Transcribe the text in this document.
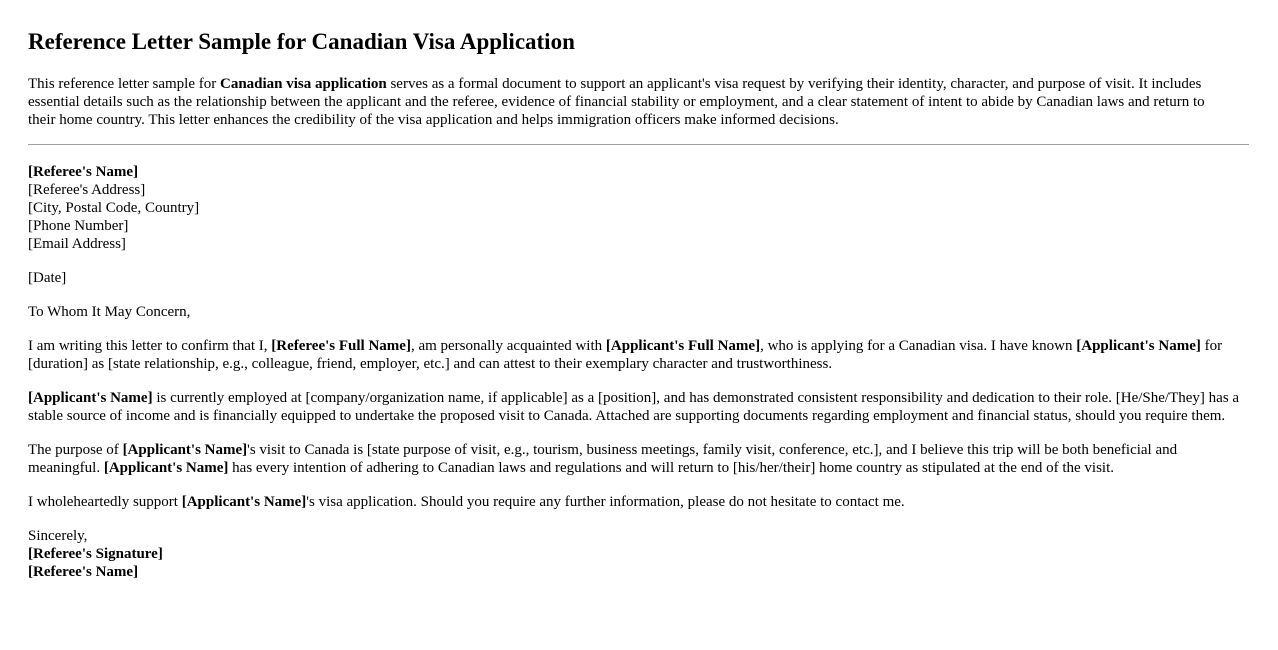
Reference Letter Sample for Canadian Visa Application

This reference letter sample for Canadian visa application serves as a formal document to support an applicant's visa request by verifying their identity, character, and purpose of visit. It includes essential details such as the relationship between the applicant and the referee, evidence of financial stability or employment, and a clear statement of intent to abide by Canadian laws and return to their home country. This letter enhances the credibility of the visa application and helps immigration officers make informed decisions.

[Referee's Name]
[Referee's Address]
[City, Postal Code, Country]
[Phone Number]
[Email Address]

[Date]

To Whom It May Concern,

I am writing this letter to confirm that I, [Referee's Full Name], am personally acquainted with [Applicant's Full Name], who is applying for a Canadian visa. I have known [Applicant's Name] for [duration] as [state relationship, e.g., colleague, friend, employer, etc.] and can attest to their exemplary character and trustworthiness.

[Applicant's Name] is currently employed at [company/organization name, if applicable] as a [position], and has demonstrated consistent responsibility and dedication to their role. [He/She/They] has a stable source of income and is financially equipped to undertake the proposed visit to Canada. Attached are supporting documents regarding employment and financial status, should you require them.

The purpose of [Applicant's Name]'s visit to Canada is [state purpose of visit, e.g., tourism, business meetings, family visit, conference, etc.], and I believe this trip will be both beneficial and meaningful. [Applicant's Name] has every intention of adhering to Canadian laws and regulations and will return to [his/her/their] home country as stipulated at the end of the visit.

I wholeheartedly support [Applicant's Name]'s visa application. Should you require any further information, please do not hesitate to contact me.

Sincerely,
[Referee's Signature]
[Referee's Name]
